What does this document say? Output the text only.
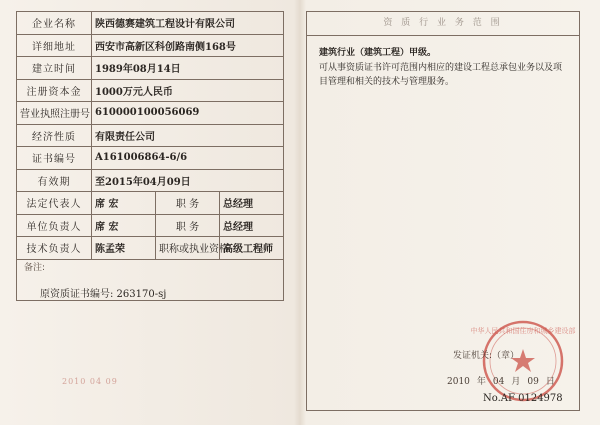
企业名称	陕西德赛建筑工程设计有限公司		
详细地址	西安市高新区科创路南侧168号		
建立时间	1989年08月14日		
注册资本金	1000万元人民币		
营业执照注册号	610000100056069		
经济性质	有限责任公司		
证书编号	A161006864-6/6		
有效期	至2015年04月09日		
法定代表人	席 宏	职 务	总经理
单位负责人	席 宏	职 务	总经理
技术负责人	陈孟荣	职称或执业资格	高级工程师

备注:
原资质证书编号: 263170-sj			
2010 04 09
资 质 行 业 务 范 围
建筑行业（建筑工程）甲级。
可从事资质证书许可范围内相应的建设工程总承包业务以及项目管理和相关的技术与管理服务。
中华人民共和国住房和城乡建设部
发证机关:（章）
2010 年 04 月 09 日
No.AF 0124978
